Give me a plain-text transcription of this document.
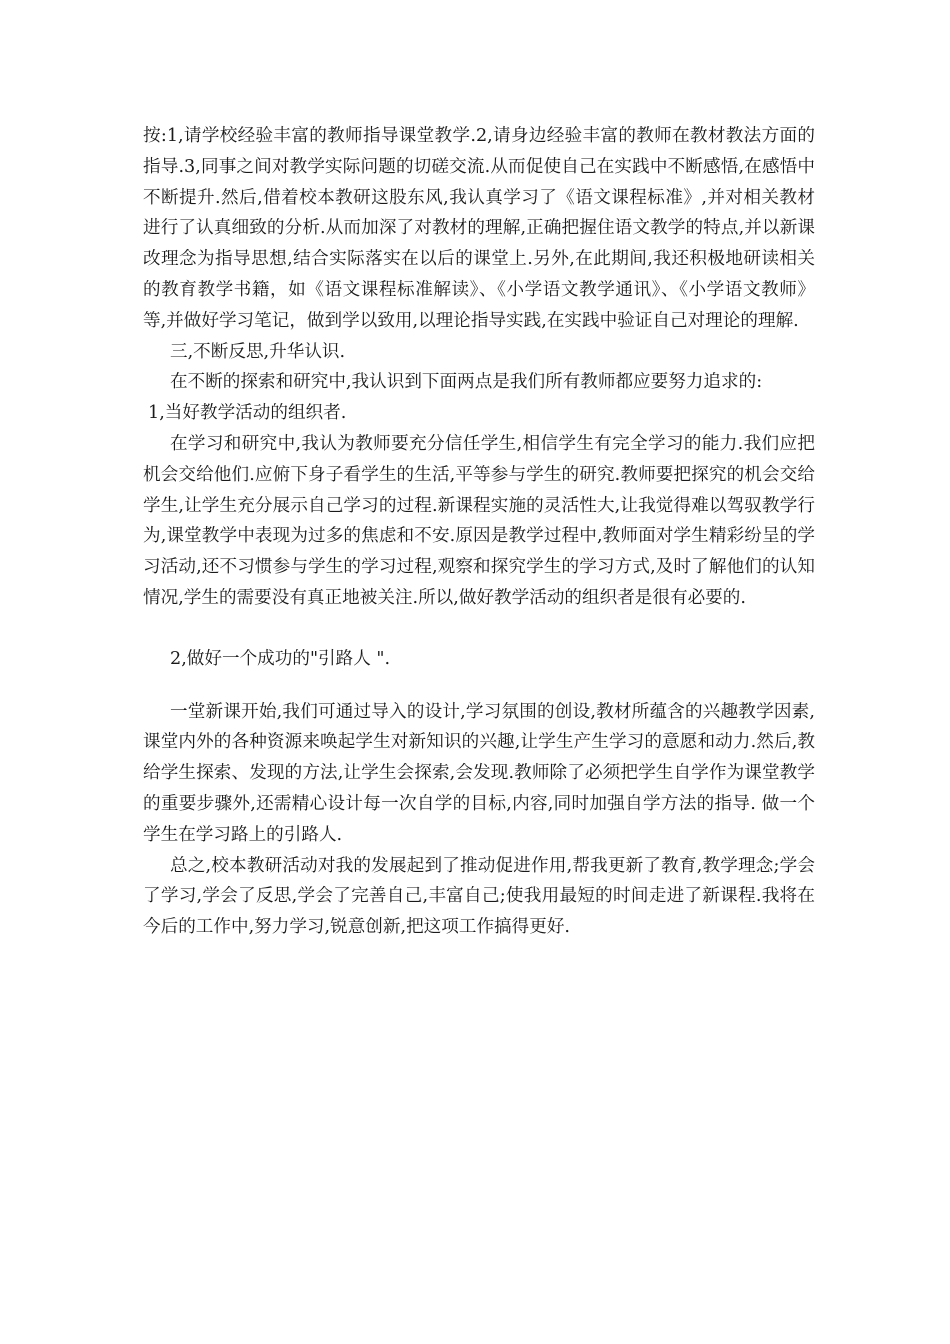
按:1,请学校经验丰富的教师指导课堂教学.2,请身边经验丰富的教师在教材教法方面的指导.3,同事之间对教学实际问题的切磋交流.从而促使自己在实践中不断感悟,在感悟中不断提升.然后,借着校本教研这股东风,我认真学习了《语文课程标准》,并对相关教材进行了认真细致的分析.从而加深了对教材的理解,正确把握住语文教学的特点,并以新课改理念为指导思想,结合实际落实在以后的课堂上.另外,在此期间,我还积极地研读相关的教育教学书籍，如《语文课程标准解读》、《小学语文教学通讯》、《小学语文教师》等,并做好学习笔记，做到学以致用,以理论指导实践,在实践中验证自己对理论的理解.

三,不断反思,升华认识.

在不断的探索和研究中,我认识到下面两点是我们所有教师都应要努力追求的:

1,当好教学活动的组织者.

在学习和研究中,我认为教师要充分信任学生,相信学生有完全学习的能力.我们应把机会交给他们.应俯下身子看学生的生活,平等参与学生的研究.教师要把探究的机会交给学生,让学生充分展示自己学习的过程.新课程实施的灵活性大,让我觉得难以驾驭教学行为,课堂教学中表现为过多的焦虑和不安.原因是教学过程中,教师面对学生精彩纷呈的学习活动,还不习惯参与学生的学习过程,观察和探究学生的学习方式,及时了解他们的认知情况,学生的需要没有真正地被关注.所以,做好教学活动的组织者是很有必要的.

2,做好一个成功的"引路人 ".

一堂新课开始,我们可通过导入的设计,学习氛围的创设,教材所蕴含的兴趣教学因素,课堂内外的各种资源来唤起学生对新知识的兴趣,让学生产生学习的意愿和动力.然后,教给学生探索、发现的方法,让学生会探索,会发现.教师除了必须把学生自学作为课堂教学的重要步骤外,还需精心设计每一次自学的目标,内容,同时加强自学方法的指导. 做一个学生在学习路上的引路人.

总之,校本教研活动对我的发展起到了推动促进作用,帮我更新了教育,教学理念;学会了学习,学会了反思,学会了完善自己,丰富自己;使我用最短的时间走进了新课程.我将在今后的工作中,努力学习,锐意创新,把这项工作搞得更好.
